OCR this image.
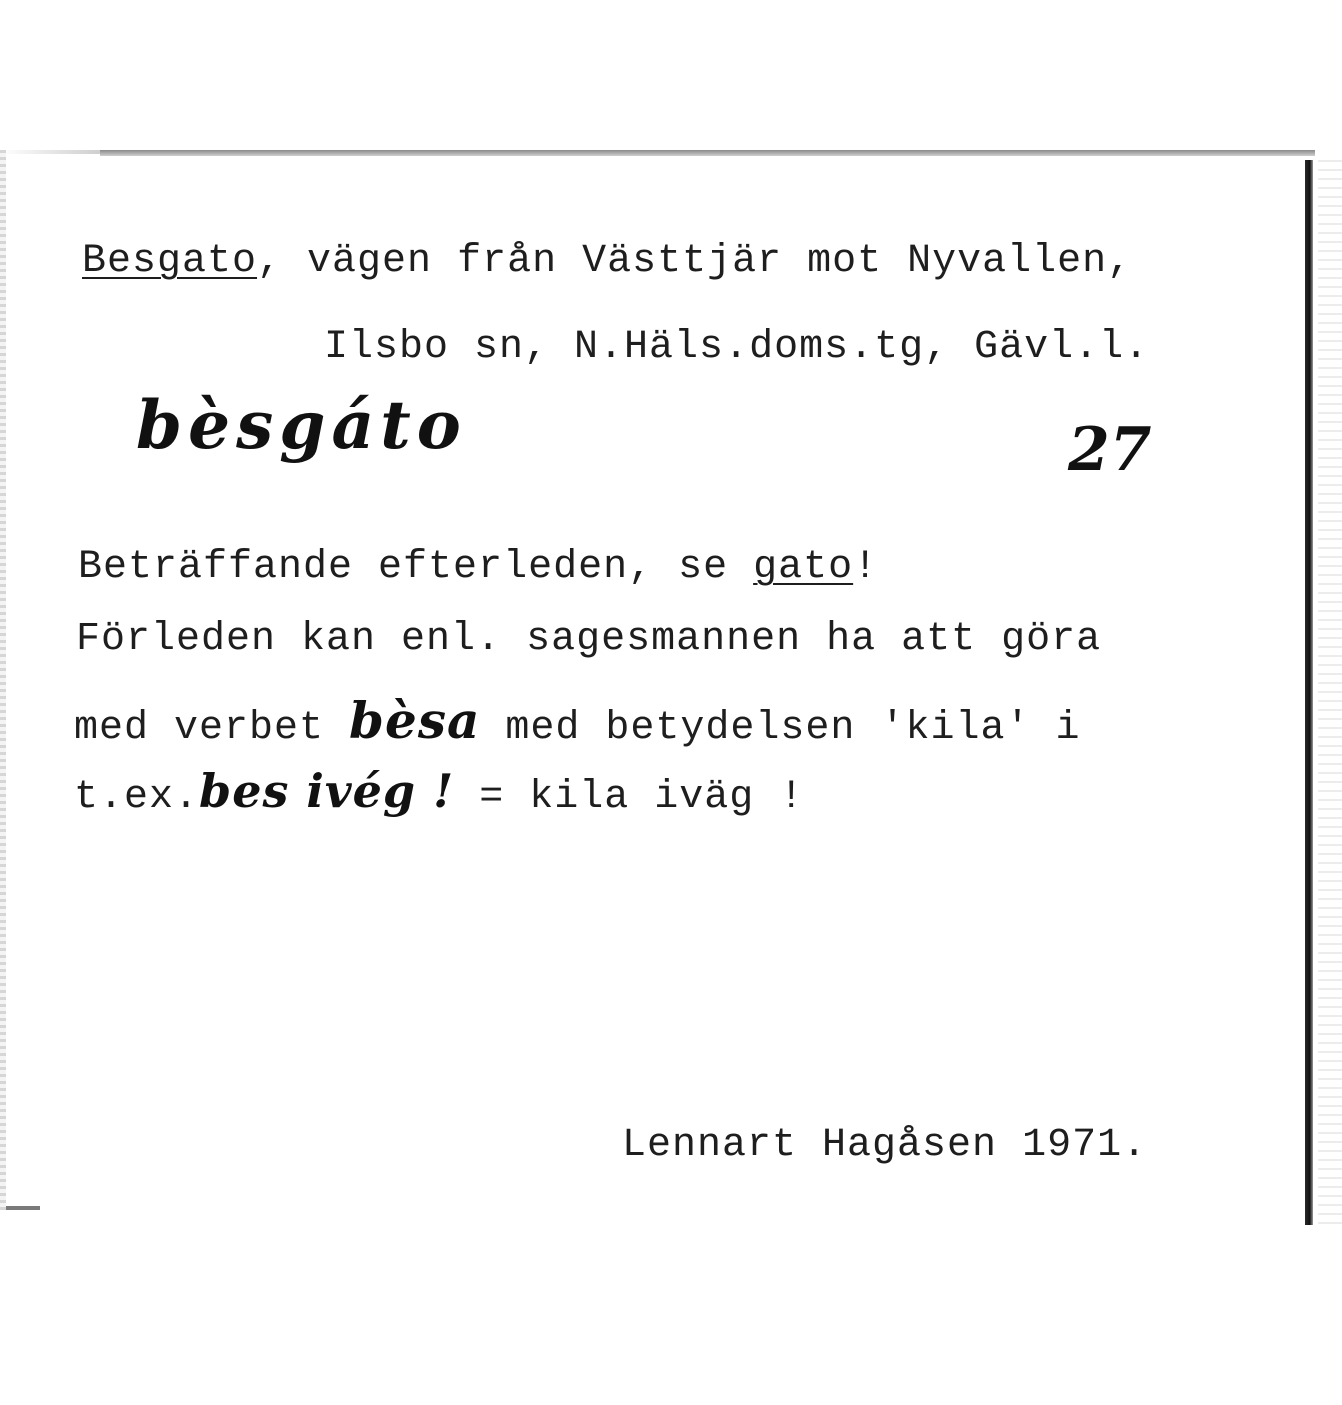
Besgato, vägen från Västtjär mot Nyvallen,
Ilsbo sn, N.Häls.doms.tg, Gävl.l.
bèsgáto	27
Beträffande efterleden, se gato!
Förleden kan enl. sagesmannen ha att göra
med verbet bèsa med betydelsen 'kila' i
t.ex.bes ivég ! = kila iväg !
Lennart Hagåsen 1971.
